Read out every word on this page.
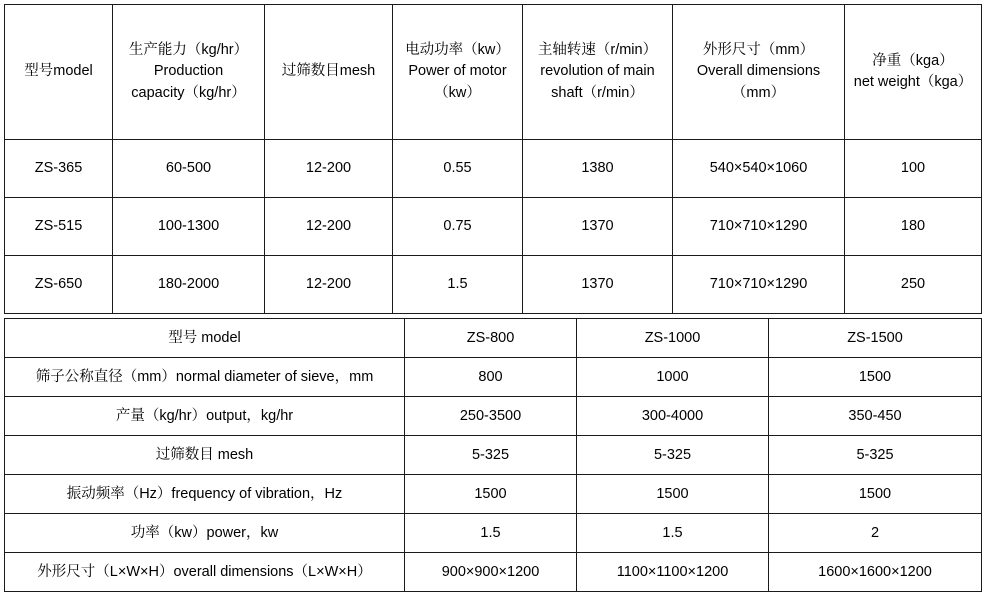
型号model	生产能力（kg/hr）
Production
capacity（kg/hr）	过筛数目mesh	电动功率（kw）
Power of motor
（kw）	主轴转速（r/min）
revolution of main
shaft（r/min）	外形尺寸（mm）
Overall dimensions
（mm）	净重（kga）
net weight（kga）

ZS-365	60-500	12-200	0.55	1380	540×540×1060	100
ZS-515	100-1300	12-200	0.75	1370	710×710×1290	180
ZS-650	180-2000	12-200	1.5	1370	710×710×1290	250
型号 model	ZS-800	ZS-1000	ZS-1500
筛子公称直径（mm）normal diameter of sieve，mm	800	1000	1500
产量（kg/hr）output，kg/hr	250-3500	300-4000	350-450
过筛数目 mesh	5-325	5-325	5-325
振动频率（Hz）frequency of vibration，Hz	1500	1500	1500
功率（kw）power，kw	1.5	1.5	2
外形尺寸（L×W×H）overall dimensions（L×W×H）	900×900×1200	1100×1100×1200	1600×1600×1200
